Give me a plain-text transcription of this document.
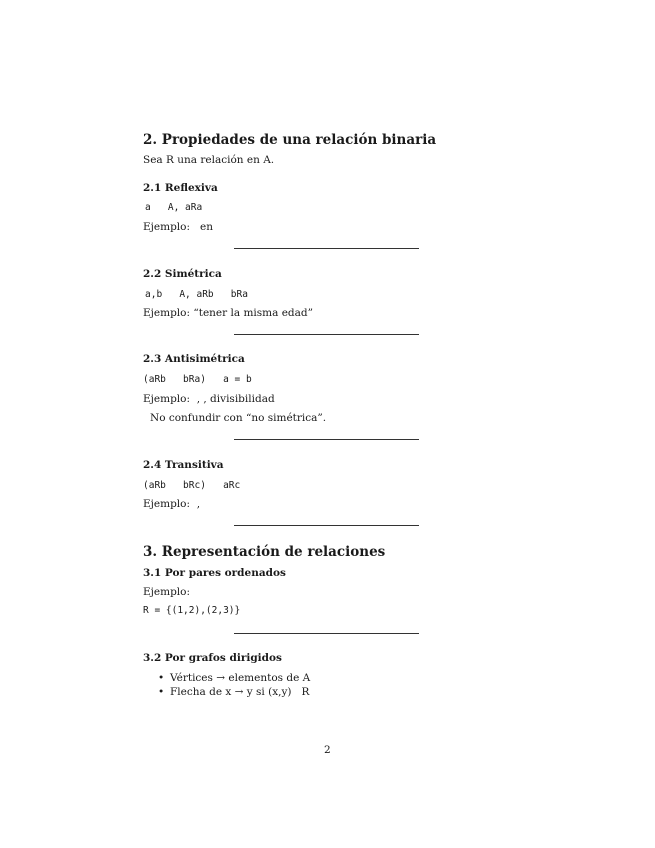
2. Propiedades de una relación binaria
Sea R una relación en A.
2.1 Reflexiva
a   A, aRa
Ejemplo:   en
2.2 Simétrica
a,b   A, aRb   bRa
Ejemplo: “tener la misma edad”
2.3 Antisimétrica
(aRb   bRa)   a = b
Ejemplo:  , , divisibilidad
No confundir con “no simétrica”.
2.4 Transitiva
(aRb   bRc)   aRc
Ejemplo:  ,
3. Representación de relaciones
3.1 Por pares ordenados
Ejemplo:
R = {(1,2),(2,3)}
3.2 Por grafos dirigidos
• Vértices → elementos de A
• Flecha de x → y si (x,y)   R
2
